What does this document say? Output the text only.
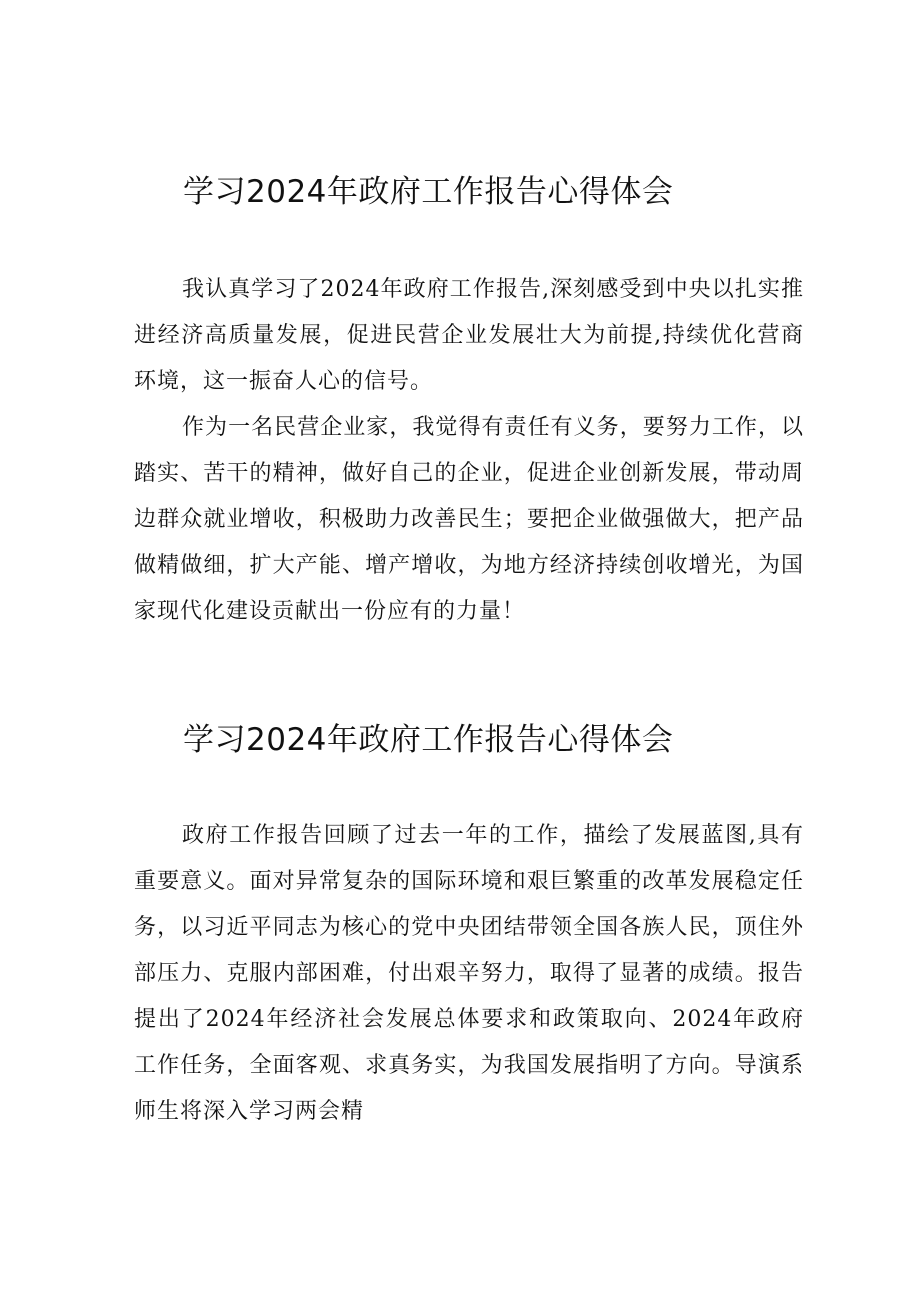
学习2024年政府工作报告心得体会

我认真学习了2024年政府工作报告,深刻感受到中央以扎实推进经济高质量发展，促进民营企业发展壮大为前提,持续优化营商环境，这一振奋人心的信号。

作为一名民营企业家，我觉得有责任有义务，要努力工作，以踏实、苦干的精神，做好自己的企业，促进企业创新发展，带动周边群众就业增收，积极助力改善民生；要把企业做强做大，把产品做精做细，扩大产能、增产增收，为地方经济持续创收增光，为国家现代化建设贡献出一份应有的力量！

学习2024年政府工作报告心得体会

政府工作报告回顾了过去一年的工作，描绘了发展蓝图,具有重要意义。面对异常复杂的国际环境和艰巨繁重的改革发展稳定任务，以习近平同志为核心的党中央团结带领全国各族人民，顶住外部压力、克服内部困难，付出艰辛努力，取得了显著的成绩。报告提出了2024年经济社会发展总体要求和政策取向、2024年政府工作任务，全面客观、求真务实，为我国发展指明了方向。导演系师生将深入学习两会精
